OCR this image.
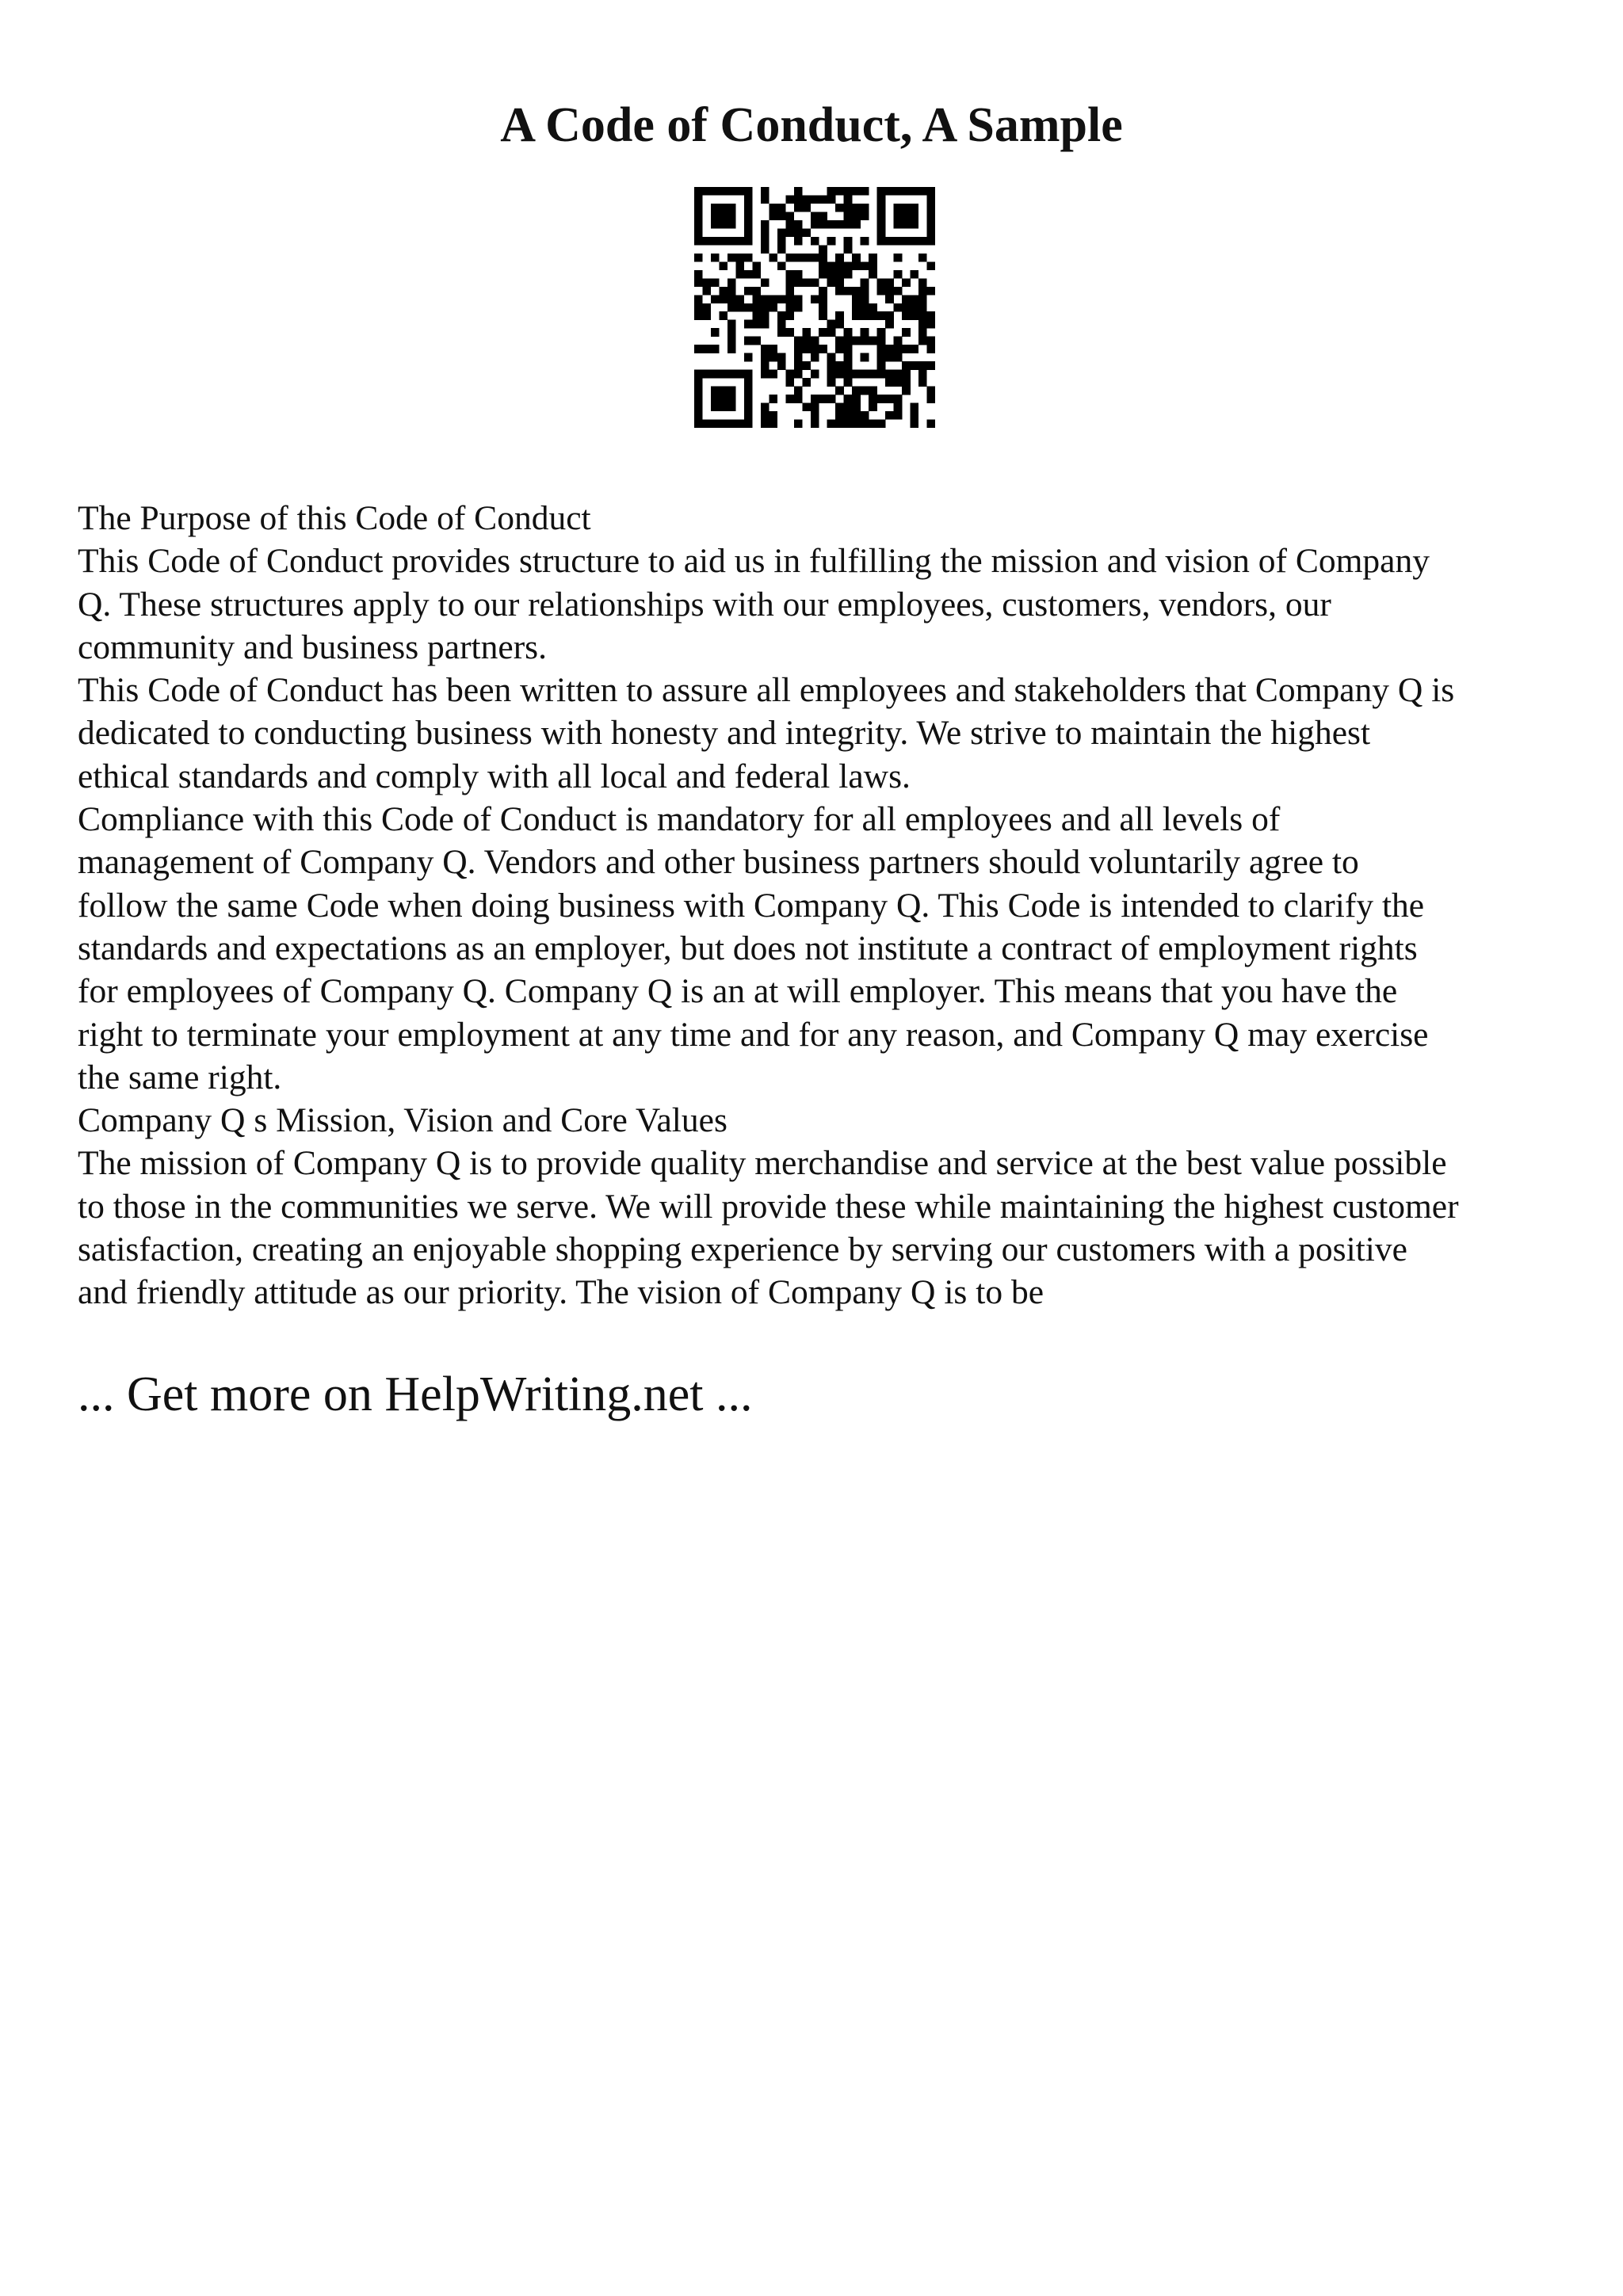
A Code of Conduct, A Sample
The Purpose of this Code of Conduct
This Code of Conduct provides structure to aid us in fulfilling the mission and vision of Company
Q. These structures apply to our relationships with our employees, customers, vendors, our
community and business partners.
This Code of Conduct has been written to assure all employees and stakeholders that Company Q is
dedicated to conducting business with honesty and integrity. We strive to maintain the highest
ethical standards and comply with all local and federal laws.
Compliance with this Code of Conduct is mandatory for all employees and all levels of
management of Company Q. Vendors and other business partners should voluntarily agree to
follow the same Code when doing business with Company Q. This Code is intended to clarify the
standards and expectations as an employer, but does not institute a contract of employment rights
for employees of Company Q. Company Q is an at will employer. This means that you have the
right to terminate your employment at any time and for any reason, and Company Q may exercise
the same right.
Company Q s Mission, Vision and Core Values
The mission of Company Q is to provide quality merchandise and service at the best value possible
to those in the communities we serve. We will provide these while maintaining the highest customer
satisfaction, creating an enjoyable shopping experience by serving our customers with a positive
and friendly attitude as our priority. The vision of Company Q is to be
... Get more on HelpWriting.net ...
